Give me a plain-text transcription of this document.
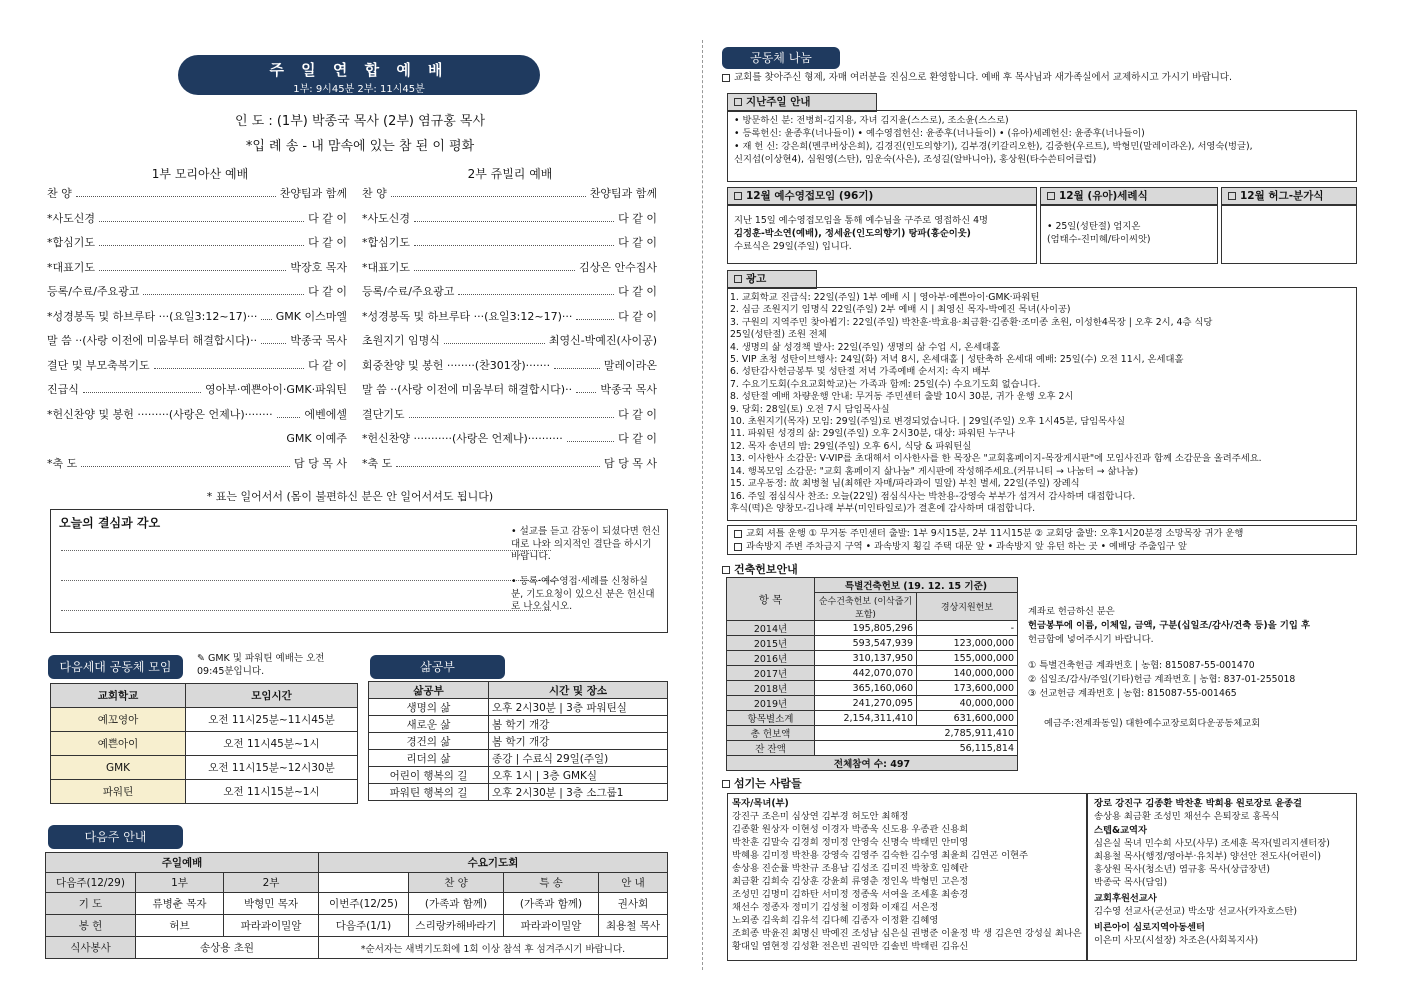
주 일 연 합 예 배
1부: 9시45분 2부: 11시45분
인 도 : (1부) 박종국 목사 (2부) 염규홍 목사
*입 례 송 - 내 맘속에 있는 참 된 이 평화
1부 모리아산 예배	2부 쥬빌리 예배
찬 양	찬양팀과 함께
*사도신경	다 같 이
*합심기도	다 같 이
*대표기도	박장호 목자
등록/수료/주요광고	다 같 이
*성경봉독 및 하브루타 ···(요일3:12~17)··· GMK 이스마엘
말 씀 ··(사랑 이전에 미움부터 해결합시다)··	박종국 목사
결단 및 부모축복기도	다 같 이
진급식	영아부·예쁜아이·GMK·파워틴
*헌신찬양 및 봉헌 ·········(사랑은 언제나)········	에벤에셀
GMK 이예주
*축 도	담 당 목 사
찬 양	찬양팀과 함께
*사도신경	다 같 이
*합심기도	다 같 이
*대표기도	김상은 안수집사
등록/수료/주요광고	다 같 이
*성경봉독 및 하브루타 ···(요일3:12~17)···	다 같 이
초원지기 임명식	최영신-박예진(사이공)
회중찬양 및 봉헌 ········(찬301장)·······	말레이라온
말 씀 ··(사랑 이전에 미움부터 해결합시다)··	박종국 목사
결단기도	다 같 이
*헌신찬양 ···········(사랑은 언제나)··········	다 같 이
*축 도	담 당 목 사
* 표는 일어서서 (몸이 불편하신 분은 안 일어서셔도 됩니다)
오늘의 결심과 각오
• 설교를 듣고 감동이 되셨다면 헌신대로 나와 의지적인 결단을 하시기 바랍니다.
• 등록·예수영접·세례를 신청하실 분, 기도요청이 있으신 분은 헌신대로 나오십시오.
다음세대 공동체 모임
✎ GMK 및 파워틴 예배는 오전 09:45분입니다.
교회학교	모임시간
예꼬영아	오전 11시25분~11시45분
예쁜아이	오전 11시45분~1시
GMK	오전 11시15분~12시30분
파워틴	오전 11시15분~1시
삶공부
삶공부	시간 및 장소
생명의 삶	오후 2시30분 | 3층 파워틴실
새로운 삶	봄 학기 개강
경건의 삶	봄 학기 개강
리더의 삶	종강 | 수료식 29일(주일)
어린이 행복의 길	오후 1시 | 3층 GMK실
파워틴 행복의 길	오후 2시30분 | 3층 소그룹1
다음주 안내
주일예배			수요기도회			
다음주(12/29)	1부	2부		찬 양	특 송	안 내
기 도	류병춘 목자	박형민 목자	이번주(12/25)	(가족과 함께)	(가족과 함께)	권사회
봉 헌	허브	파라과이밀알	다음주(1/1)	스리랑카해바라기	파라과이밀알	최용철 목사
식사봉사	송상용 초원		*순서자는 새벽기도회에 1회 이상 참석 후 섬겨주시기 바랍니다.			
공동체 나눔
교회를 찾아주신 형제, 자매 여러분을 진심으로 환영합니다. 예배 후 목사님과 새가족실에서 교제하시고 가시기 바랍니다.
지난주일 안내
• 방문하신 분: 전병희-김지용, 자녀 김지윤(스스로), 조소윤(스스로)
• 등록헌신: 윤종후(너나들이) • 예수영접헌신: 윤종후(너나들이) • (유아)세례헌신: 윤종후(너나들이)
• 재 헌 신: 강은희(멘쿠버상은희), 김경진(인도의향기), 김부경(키갈리오한), 김중한(우르트), 박형민(말레이라온), 서영숙(벙글),
신지섭(이상현4), 심원영(스탄), 임운숙(사은), 조성길(알바니아), 홍상원(타수쓴티어클럽)
12월 예수영접모임 (96기)
지난 15일 예수영접모임을 통해 예수님을 구주로 영접하신 4명
김정훈-박소연(예배), 정세윤(인도의향기) 탕파(홍순이웃)
수료식은 29일(주일) 입니다.
12월 (유아)세례식
• 25일(성탄절) 엄지온
(엄태수-진미혜/타이씨앗)
12월 허그-분가식
광고
1. 교회학교 진급식: 22일(주일) 1부 예배 시 | 영아부·예쁜아이·GMK·파워틴
2. 심금 조원지기 임명식 22일(주일) 2부 예배 시 | 최영신 목자-박예진 목녀(사이공)
3. 구원의 지역주민 찾아뵙기: 22일(주일) 박찬훈·박효용·최금환·김종환·조미종 초원, 이성한4목장 | 오후 2시, 4층 식당
25일(성탄절) 조원 전체
4. 생명의 삶 성경책 발사: 22일(주일) 생명의 삶 수업 시, 온세대홀
5. VIP 초청 성탄이브행사: 24일(화) 저녁 8시, 온세대홀 | 성탄축하 온세대 예배: 25일(수) 오전 11시, 온세대홀
6. 성탄감사헌금봉투 및 성탄절 저녁 가족예배 순서지: 속지 배부
7. 수요기도회(수요교회학교)는 가족과 함께: 25일(수) 수요기도회 없습니다.
8. 성탄절 예배 차량운행 안내: 무거동 주민센터 출발 10시 30분, 귀가 운행 오후 2시
9. 당회: 28일(토) 오전 7시 담임목사실
10. 초원지기(목자) 모임: 29일(주일)로 변경되었습니다. | 29일(주일) 오후 1시45분, 담임목사실
11. 파워틴 성경의 삶: 29일(주일) 오후 2시30분, 대상: 파워틴 누구나
12. 목자 송년의 밤: 29일(주일) 오후 6시, 식당 & 파워틴실
13. 이사한사 소감문: V-VIP를 초대해서 이사한사를 한 목장은 "교회홈페이지-목장게시판"에 모임사진과 함께 소감문을 올려주세요.
14. 행복모임 소감문: "교회 홈페이지 삶나눔" 게시판에 작성해주세요.(커뮤니티 → 나눔터 → 삶나눔)
15. 교우동정: 故 최병철 님(최해란 자매/파라과이 밀알) 부친 별세, 22일(주일) 장례식
16. 주일 점심식사 찬조: 오늘(22일) 점심식사는 박찬용-강영숙 부부가 섬겨서 감사하며 대접합니다.
후식(떡)은 양창모-김나래 부부(미인타일로)가 결혼에 감사하며 대접합니다.
교회 셔틀 운행 ① 무거동 주민센터 출발: 1부 9시15분, 2부 11시15분 ② 교회당 출발: 오후1시20분경 소망목장 귀가 운행
과속방지 주변 주차금지 구역 • 과속방지 횡길 주택 대문 앞 • 과속방지 앞 유턴 하는 곳 • 예배당 주출입구 앞
건축헌보안내
항 목	특별건축헌보 (19. 12. 15 기준)	
	순수건축헌보 (이삭줍기포함)	경상지원헌보
2014년	195,805,296	-
2015년	593,547,939	123,000,000
2016년	310,137,950	155,000,000
2017년	442,070,070	140,000,000
2018년	365,160,060	173,600,000
2019년	241,270,095	40,000,000
항목별소계	2,154,311,410	631,600,000
총 헌보액	2,785,911,410	
잔 잔액	56,115,814	
전체참여 수: 497		
계좌로 헌금하신 분은
헌금봉투에 이름, 이체일, 금액, 구분(십일조/감사/건축 등)을 기입 후
헌금함에 넣어주시기 바랍니다.
① 특별건축헌금 계좌번호 | 농협: 815087-55-001470
② 십일조/감사/주일(기타)헌금 계좌번호 | 농협: 837-01-255018
③ 선교헌금 계좌번호 | 농협: 815087-55-001465
예금주:전계좌동일) 대한예수교장로회다운공동체교회
섬기는 사람들
목자/목녀(부)
강진구 조은미 심상연 김부경 허도안 최해정
김종환 원상자 이현성 이경자 박종욱 신도용 우종관 신용희
박찬훈 김말숙 김경희 정미정 안영숙 신명숙 박태민 안미영
박혜용 김미정 박찬용 강영숙 김영주 김숙한 김수영 최윤희 김연곤 이현주
송상용 진순률 박찬규 조용남 김성조 김미진 박창호 임혜란
최금환 김희숙 김상훈 강윤희 류영춘 정인옥 박형민 고은정
조성민 김명미 김하탄 서미정 정종욱 서여을 조세훈 최송경
채선수 정종자 정미기 김성철 이정화 이재길 서은정
노외종 김욱희 김유석 김다혜 김종자 이정환 김혜영
조희종 박윤진 최명신 박예진 조성남 심은실 권병준 이윤정 박 생 김은연 강성실 최나은
황대일 염현정 김성환 전은빈 권익만 김솔빈 박태린 김유신
장로 강진구 김종환 박찬훈 박희용 원로장로 윤종걸
송상용 최금환 조성민 채선수 은퇴장로 홍목식
스텝&교역자
심은실 목녀 민수희 사모(사무) 조세훈 목자(빌리지센터장)
최용철 목사(행정/영아부·유치부) 양선안 전도사(어린이)
홍상원 목사(청소년) 염규홍 목사(상급장년)
박종국 목사(담임)
교회후원선교사
김수영 선교사(군선교) 박소망 선교사(카자흐스탄)
비른아이 심로지역아동센터
이은미 사모(시설장) 차조은(사회복지사)
